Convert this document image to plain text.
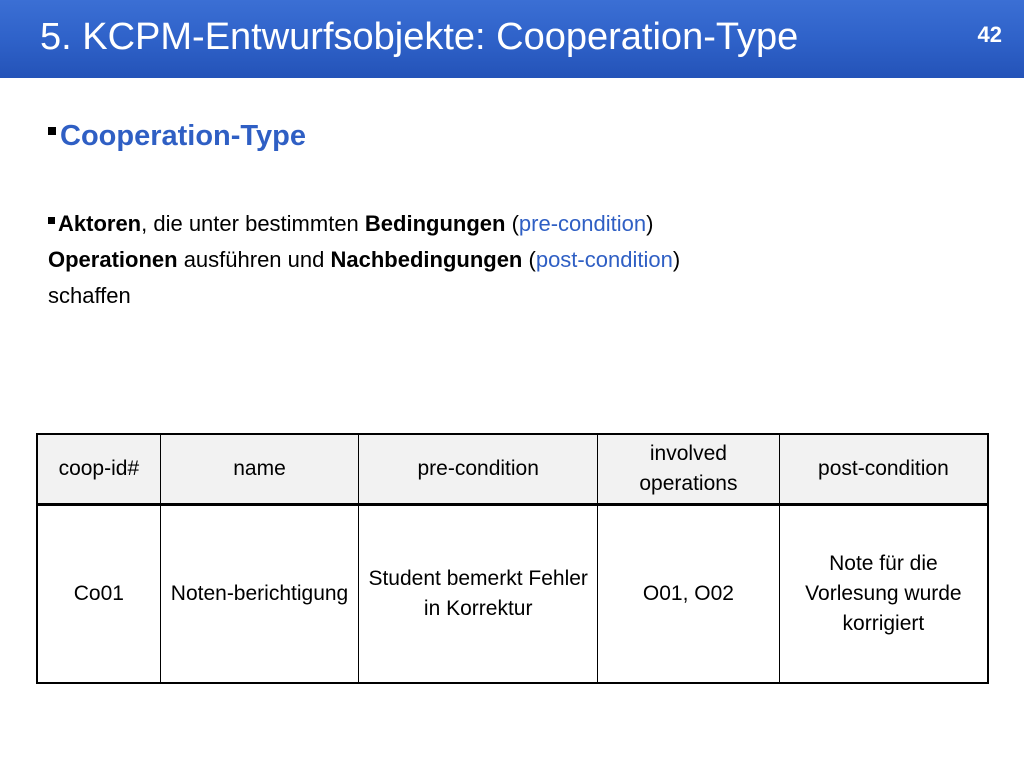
5. KCPM-Entwurfsobjekte: Cooperation-Type	42
Cooperation-Type
Aktoren, die unter bestimmten Bedingungen (pre-condition)
Operationen ausführen und Nachbedingungen (post-condition)
schaffen
coop-id#	name	pre-condition	involved operations	post-condition
Co01	Noten-berichtigung	Student bemerkt Fehler in Korrektur	O01, O02	Note für die Vorlesung wurde korrigiert
